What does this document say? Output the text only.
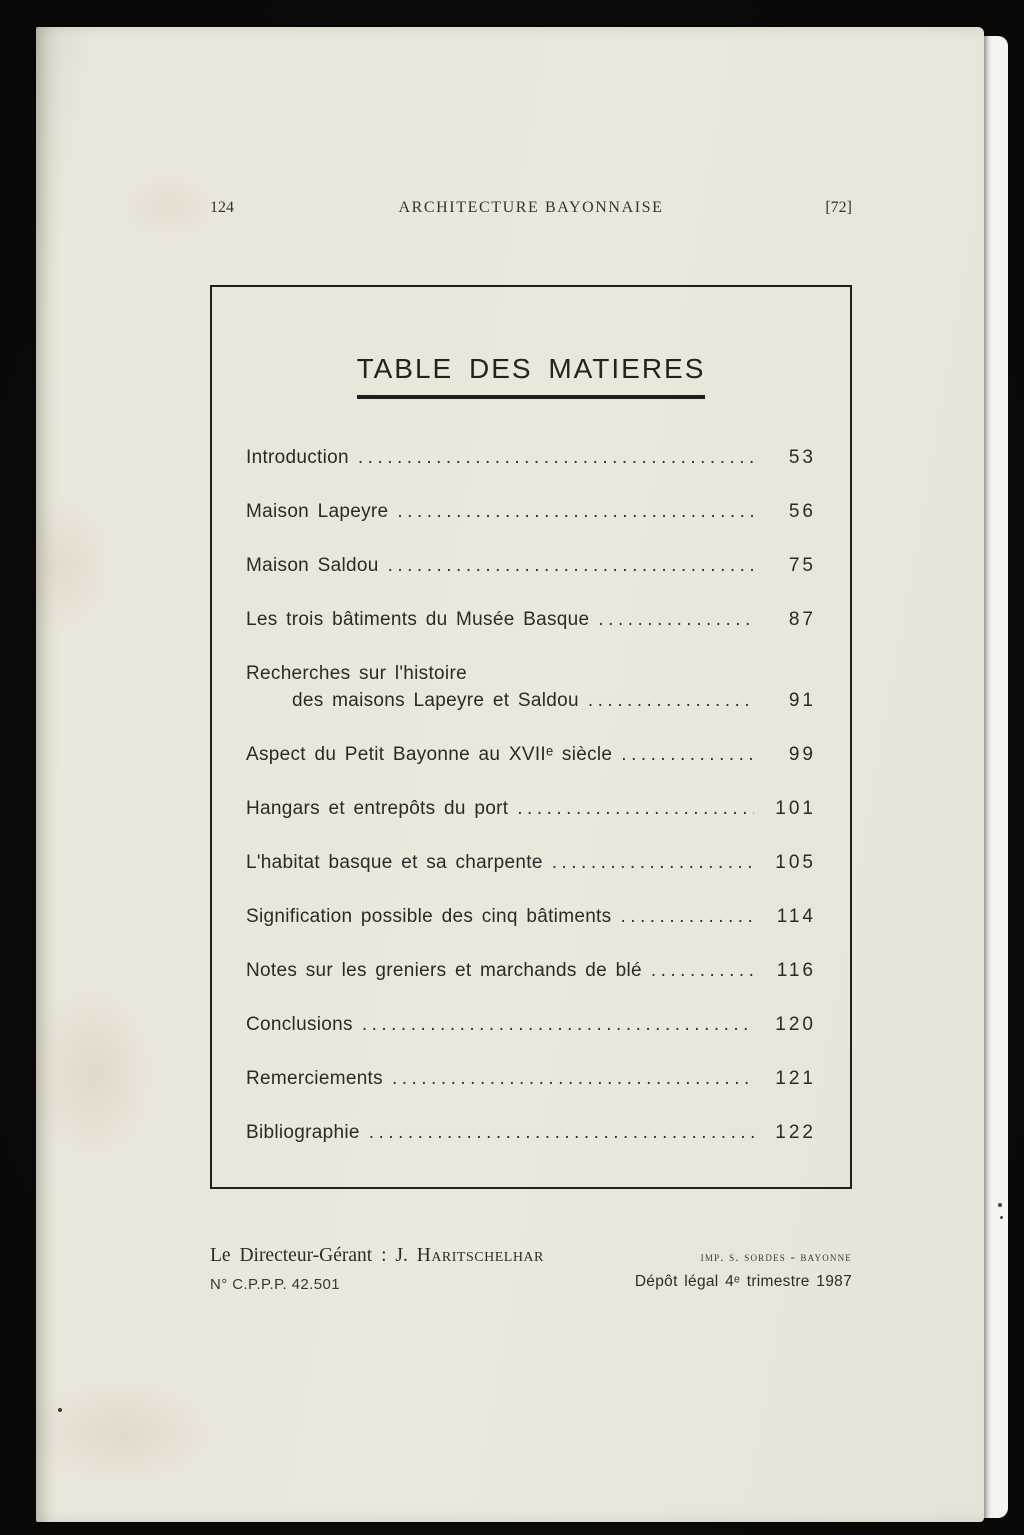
124	ARCHITECTURE BAYONNAISE	[72]
TABLE DES MATIERES
Introduction .....	53
Maison Lapeyre .....	56
Maison Saldou .....	75
Les trois bâtiments du Musée Basque .....	87
Recherches sur l'histoire
des maisons Lapeyre et Saldou .....	91
Aspect du Petit Bayonne au XVIIᵉ siècle .....	99
Hangars et entrepôts du port .....	101
L'habitat basque et sa charpente .....	105
Signification possible des cinq bâtiments .....	114
Notes sur les greniers et marchands de blé .....	116
Conclusions .....	120
Remerciements .....	121
Bibliographie .....	122
Le Directeur-Gérant : J. Haritschelhar
N° C.P.P.P. 42.501
imp. s. sordes - bayonne
Dépôt légal 4ᵉ trimestre 1987
